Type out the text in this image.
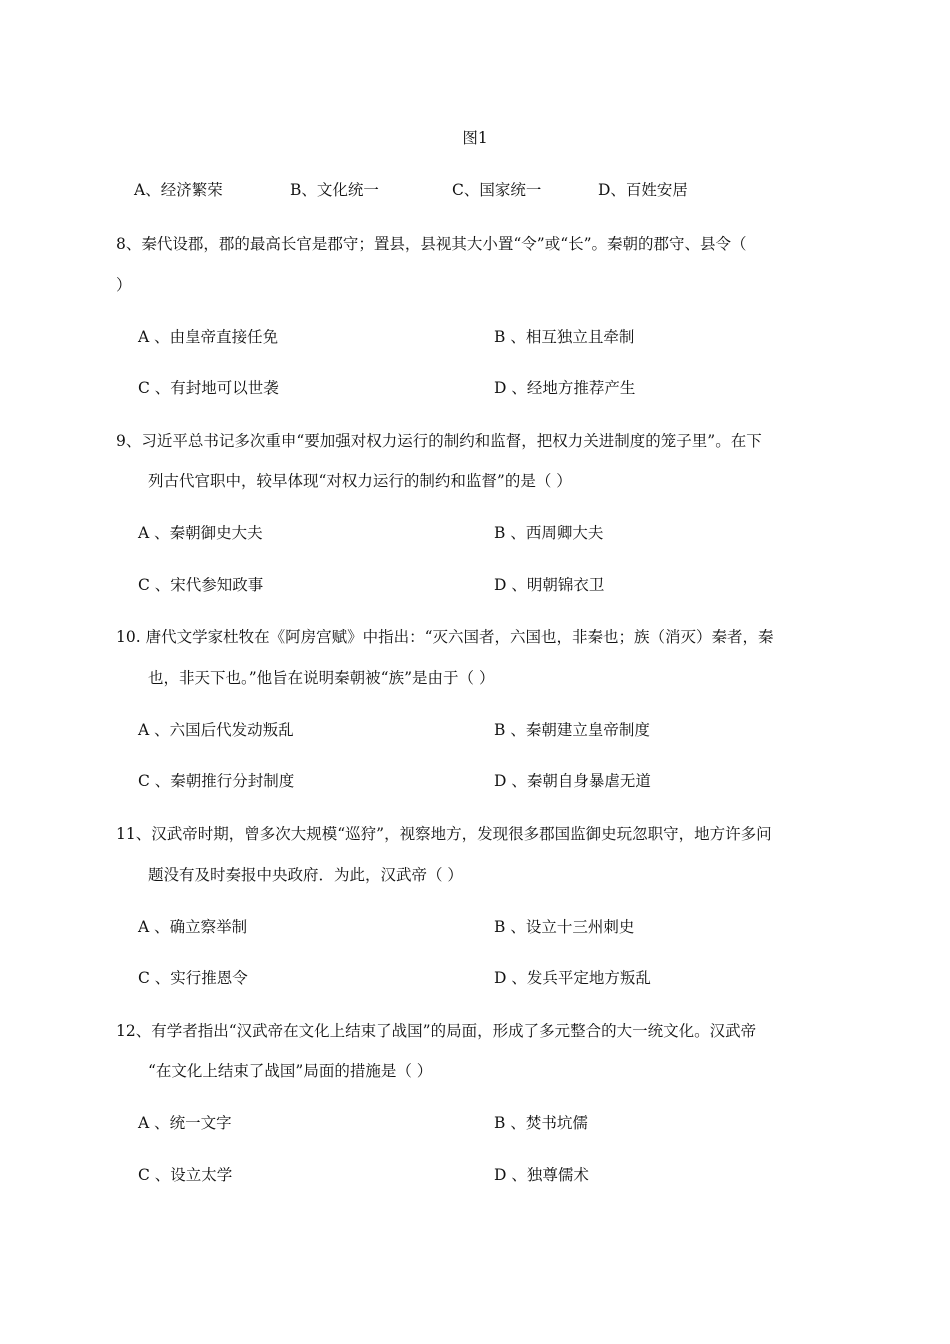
图1
A、经济繁荣	B、文化统一	C、国家统一	D、百姓安居
8、秦代设郡，郡的最高长官是郡守；置县，县视其大小置“令”或“长”。秦朝的郡守、县令（
）
A 、由皇帝直接任免	B 、相互独立且牵制
C 、有封地可以世袭	D 、经地方推荐产生
9、习近平总书记多次重申“要加强对权力运行的制约和监督，把权力关进制度的笼子里”。在下
列古代官职中，较早体现“对权力运行的制约和监督”的是（ ）
A 、秦朝御史大夫	B 、西周卿大夫
C 、宋代参知政事	D 、明朝锦衣卫
10. 唐代文学家杜牧在《阿房宫赋》中指出：“灭六国者，六国也，非秦也；族（消灭）秦者，秦
也，非天下也。”他旨在说明秦朝被“族”是由于（ ）
A 、六国后代发动叛乱	B 、秦朝建立皇帝制度
C 、秦朝推行分封制度	D 、秦朝自身暴虐无道
11、汉武帝时期，曾多次大规模“巡狩”，视察地方，发现很多郡国监御史玩忽职守，地方许多问
题没有及时奏报中央政府．为此，汉武帝（ ）
A 、确立察举制	B 、设立十三州刺史
C 、实行推恩令	D 、发兵平定地方叛乱
12、有学者指出“汉武帝在文化上结束了战国”的局面，形成了多元整合的大一统文化。汉武帝
“在文化上结束了战国”局面的措施是（ ）
A 、统一文字	B 、焚书坑儒
C 、设立太学	D 、独尊儒术
